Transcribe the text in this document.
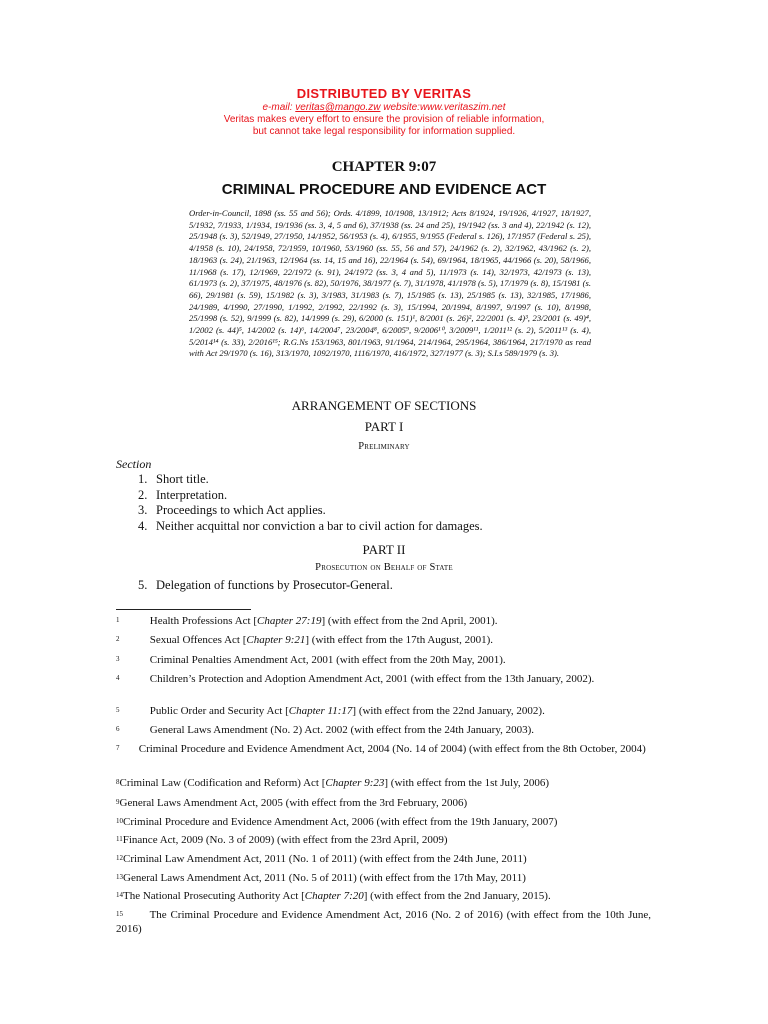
DISTRIBUTED BY VERITAS
e-mail: veritas@mango.zw website:www.veritaszim.net
Veritas makes every effort to ensure the provision of reliable information,
but cannot take legal responsibility for information supplied.
CHAPTER 9:07
CRIMINAL PROCEDURE AND EVIDENCE ACT
Order-in-Council, 1898 (ss. 55 and 56); Ords. 4/1899, 10/1908, 13/1912; Acts 8/1924, 19/1926, 4/1927, 18/1927, 5/1932, 7/1933, 1/1934, 19/1936 (ss. 3, 4, 5 and 6), 37/1938 (ss. 24 and 25), 19/1942 (ss. 3 and 4), 22/1942 (s. 12), 25/1948 (s. 3), 52/1949, 27/1950, 14/1952, 56/1953 (s. 4), 6/1955, 9/1955 (Federal s. 126), 17/1957 (Federal s. 25), 4/1958 (s. 10), 24/1958, 72/1959, 10/1960, 53/1960 (ss. 55, 56 and 57), 24/1962 (s. 2), 32/1962, 43/1962 (s. 2), 18/1963 (s. 24), 21/1963, 12/1964 (ss. 14, 15 and 16), 22/1964 (s. 54), 69/1964, 18/1965, 44/1966 (s. 20), 58/1966, 11/1968 (s. 17), 12/1969, 22/1972 (s. 91), 24/1972 (ss. 3, 4 and 5), 11/1973 (s. 14), 32/1973, 42/1973 (s. 13), 61/1973 (s. 2), 37/1975, 48/1976 (s. 82), 50/1976, 38/1977 (s. 7), 31/1978, 41/1978 (s. 5), 17/1979 (s. 8), 15/1981 (s. 66), 29/1981 (s. 59), 15/1982 (s. 3), 3/1983, 31/1983 (s. 7), 15/1985 (s. 13), 25/1985 (s. 13), 32/1985, 17/1986, 24/1989, 4/1990, 27/1990, 1/1992, 2/1992, 22/1992 (s. 3), 15/1994, 20/1994, 8/1997, 9/1997 (s. 10), 8/1998, 25/1998 (s. 52), 9/1999 (s. 82), 14/1999 (s. 29), 6/2000 (s. 151)¹, 8/2001 (s. 26)², 22/2001 (s. 4)³, 23/2001 (s. 49)⁴, 1/2002 (s. 44)⁵, 14/2002 (s. 14)⁶, 14/2004⁷, 23/2004⁸, 6/2005⁹, 9/2006¹⁰, 3/2009¹¹, 1/2011¹² (s. 2), 5/2011¹³ (s. 4), 5/2014¹⁴ (s. 33), 2/2016¹⁵; R.G.Ns 153/1963, 801/1963, 91/1964, 214/1964, 295/1964, 386/1964, 217/1970 as read with Act 29/1970 (s. 16), 313/1970, 1092/1970, 1116/1970, 416/1972, 327/1977 (s. 3); S.I.s 589/1979 (s. 3).
ARRANGEMENT OF SECTIONS
PART I
Preliminary
Section
1. Short title.
2. Interpretation.
3. Proceedings to which Act applies.
4. Neither acquittal nor conviction a bar to civil action for damages.
PART II
Prosecution on Behalf of State
5. Delegation of functions by Prosecutor-General.
$^1$	Health Professions Act [Chapter 27:19] (with effect from the 2nd April, 2001).
$^2$	Sexual Offences Act [Chapter 9:21] (with effect from the 17th August, 2001).
$^3$	Criminal Penalties Amendment Act, 2001 (with effect from the 20th May, 2001).
$^4$	Children’s Protection and Adoption Amendment Act, 2001 (with effect from the 13th January, 2002).
$^5$	Public Order and Security Act [Chapter 11:17] (with effect from the 22nd January, 2002).
$^6$	General Laws Amendment (No. 2) Act. 2002 (with effect from the 24th January, 2003).
$^7$ Criminal Procedure and Evidence Amendment Act, 2004 (No. 14 of 2004) (with effect from the 8th October, 2004)
$^8$Criminal Law (Codification and Reform) Act [Chapter 9:23] (with effect from the 1st July, 2006)
$^9$General Laws Amendment Act, 2005 (with effect from the 3rd February, 2006)
$^{10}$Criminal Procedure and Evidence Amendment Act, 2006 (with effect from the 19th January, 2007)
$^{11}$Finance Act, 2009 (No. 3 of 2009) (with effect from the 23rd April, 2009)
$^{12}$Criminal Law Amendment Act, 2011 (No. 1 of 2011) (with effect from the 24th June, 2011)
$^{13}$General Laws Amendment Act, 2011 (No. 5 of 2011) (with effect from the 17th May, 2011)
$^{14}$The National Prosecuting Authority Act [Chapter 7:20] (with effect from the 2nd January, 2015).
$^{15}$ The Criminal Procedure and Evidence Amendment Act, 2016 (No. 2 of 2016) (with effect from the 10th June, 2016)
